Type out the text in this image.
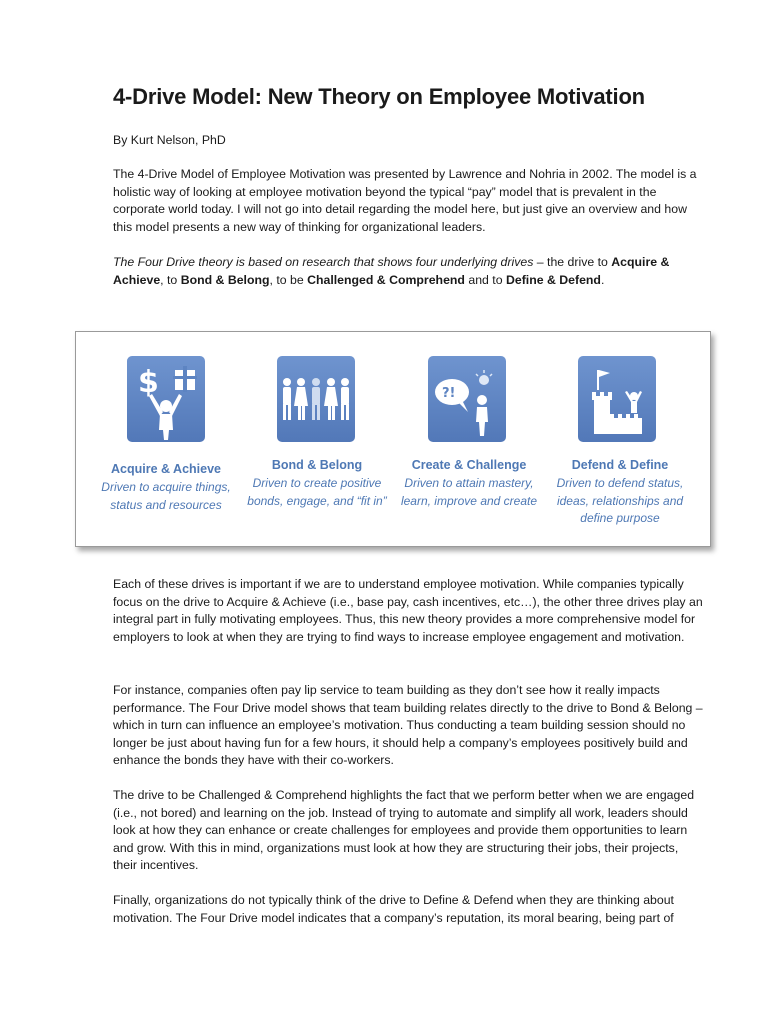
4-Drive Model: New Theory on Employee Motivation

By Kurt Nelson, PhD

The 4-Drive Model of Employee Motivation was presented by Lawrence and Nohria in 2002. The model is a holistic way of looking at employee motivation beyond the typical “pay” model that is prevalent in the corporate world today. I will not go into detail regarding the model here, but just give an overview and how this model presents a new way of thinking for organizational leaders.

The Four Drive theory is based on research that shows four underlying drives – the drive to Acquire & Achieve, to Bond & Belong, to be Challenged & Comprehend and to Define & Defend.

Each of these drives is important if we are to understand employee motivation. While companies typically focus on the drive to Acquire & Achieve (i.e., base pay, cash incentives, etc…), the other three drives play an integral part in fully motivating employees. Thus, this new theory provides a more comprehensive model for employers to look at when they are trying to find ways to increase employee engagement and motivation.

For instance, companies often pay lip service to team building as they don’t see how it really impacts performance. The Four Drive model shows that team building relates directly to the drive to Bond & Belong – which in turn can influence an employee’s motivation. Thus conducting a team building session should no longer be just about having fun for a few hours, it should help a company’s employees positively build and enhance the bonds they have with their co-workers.

The drive to be Challenged & Comprehend highlights the fact that we perform better when we are engaged (i.e., not bored) and learning on the job. Instead of trying to automate and simplify all work, leaders should look at how they can enhance or create challenges for employees and provide them opportunities to learn and grow. With this in mind, organizations must look at how they are structuring their jobs, their projects, their incentives.

Finally, organizations do not typically think of the drive to Define & Defend when they are thinking about motivation. The Four Drive model indicates that a company’s reputation, its moral bearing, being part of

$
Acquire & Achieve
Driven to acquire things, status and resources
Bond & Belong
Driven to create positive bonds, engage, and “fit in”
?!
Create & Challenge
Driven to attain mastery, learn, improve and create
Defend & Define
Driven to defend status, ideas, relationships and define purpose
